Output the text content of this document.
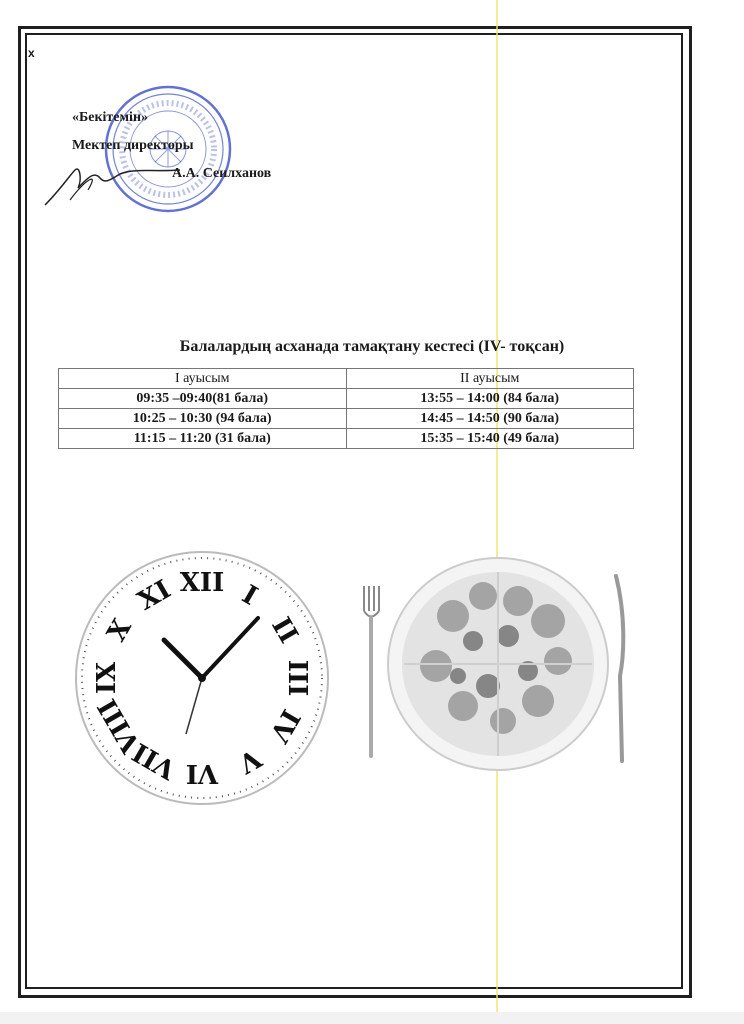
x
«Бекітемін»
Мектеп директоры
А.А. Сеилханов
Балалардың асханада тамақтану кестесі (IV- тоқсан)
І ауысым	ІІ ауысым
09:35 –09:40(81 бала)	13:55 – 14:00 (84 бала)
10:25 – 10:30 (94 бала)	14:45 – 14:50 (90 бала)
11:15 – 11:20 (31 бала)	15:35 – 15:40 (49 бала)
XII I
II
III
IV
V
VI
VII
VIII
IX
X
XI
